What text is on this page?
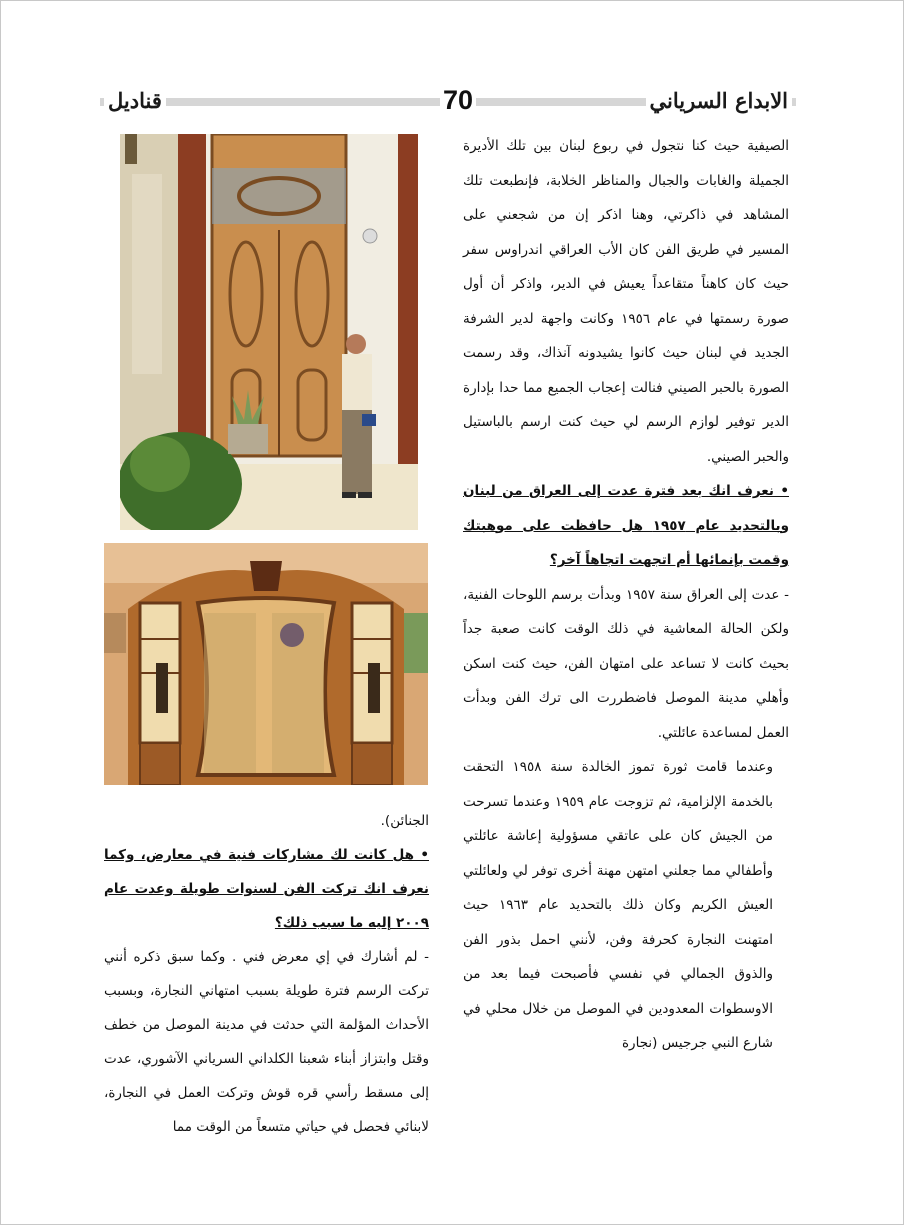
قناديل	70	الابداع السرياني

الصيفية حيث كنا نتجول في ربوع لبنان بين تلك الأديرة الجميلة والغابات والجبال والمناظر الخلابة، فإنطبعت تلك المشاهد في ذاكرتي، وهنا اذكر إن من شجعني على المسير في طريق الفن كان الأب العراقي اندراوس سفر حيث كان كاهناً متقاعداً يعيش في الدير، واذكر أن أول صورة رسمتها في عام ١٩٥٦ وكانت واجهة لدير الشرفة الجديد في لبنان حيث كانوا يشيدونه آنذاك، وقد رسمت الصورة بالحبر الصيني فنالت إعجاب الجميع مما حدا بإدارة الدير توفير لوازم الرسم لي حيث كنت ارسم بالباستيل والحبر الصيني.

• نعرف انك بعد فترة عدت إلى العراق من لبنان وبالتحديد عام ١٩٥٧ هل حافظت على موهبتك وقمت بإنمائها أم اتجهت اتجاهاً آخر؟

- عدت إلى العراق سنة ١٩٥٧ وبدأت برسم اللوحات الفنية، ولكن الحالة المعاشية في ذلك الوقت كانت صعبة جداً بحيث كانت لا تساعد على امتهان الفن، حيث كنت اسكن وأهلي مدينة الموصل فاضطررت الى ترك الفن وبدأت العمل لمساعدة عائلتي.

وعندما قامت ثورة تموز الخالدة سنة ١٩٥٨ التحقت بالخدمة الإلزامية، ثم تزوجت عام ١٩٥٩ وعندما تسرحت من الجيش كان على عاتقي مسؤولية إعاشة عائلتي وأطفالي مما جعلني امتهن مهنة أخرى توفر لي ولعائلتي العيش الكريم وكان ذلك بالتحديد عام ١٩٦٣ حيث امتهنت النجارة كحرفة وفن، لأنني احمل بذور الفن والذوق الجمالي في نفسي فأصبحت فيما بعد من الاوسطوات المعدودين في الموصل من خلال محلي في شارع النبي جرجيس (نجارة

الجنائن).

• هل كانت لك مشاركات فنية في معارض، وكما نعرف انك تركت الفن لسنوات طويلة وعدت عام ٢٠٠٩ إليه ما سبب ذلك؟

- لم أشارك في إي معرض فني . وكما سبق ذكره أنني تركت الرسم فترة طويلة بسبب امتهاني النجارة، وبسبب الأحداث المؤلمة التي حدثت في مدينة الموصل من خطف وقتل وابتزاز أبناء شعبنا الكلداني السرياني الآشوري، عدت إلى مسقط رأسي قره قوش وتركت العمل في النجارة، لابنائي فحصل في حياتي متسعاً من الوقت مما
